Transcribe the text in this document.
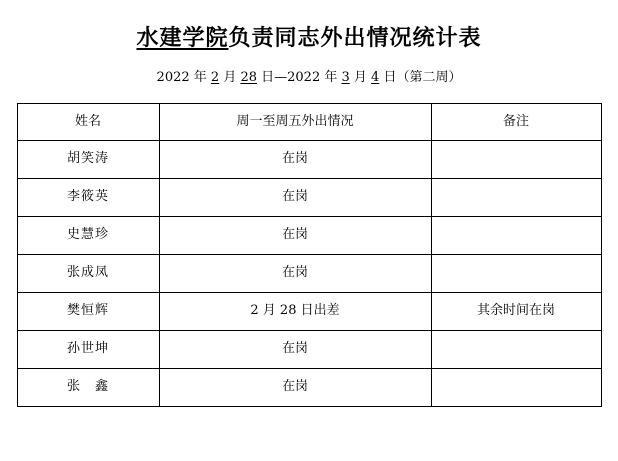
水建学院负责同志外出情况统计表
2022 年 2 月 28 日—2022 年 3 月 4 日（第二周）
姓名	周一至周五外出情况	备注
胡笑涛	在岗	
李筱英	在岗	
史慧珍	在岗	
张成凤	在岗	
樊恒辉	2 月 28 日出差	其余时间在岗
孙世坤	在岗	
张　鑫	在岗	
